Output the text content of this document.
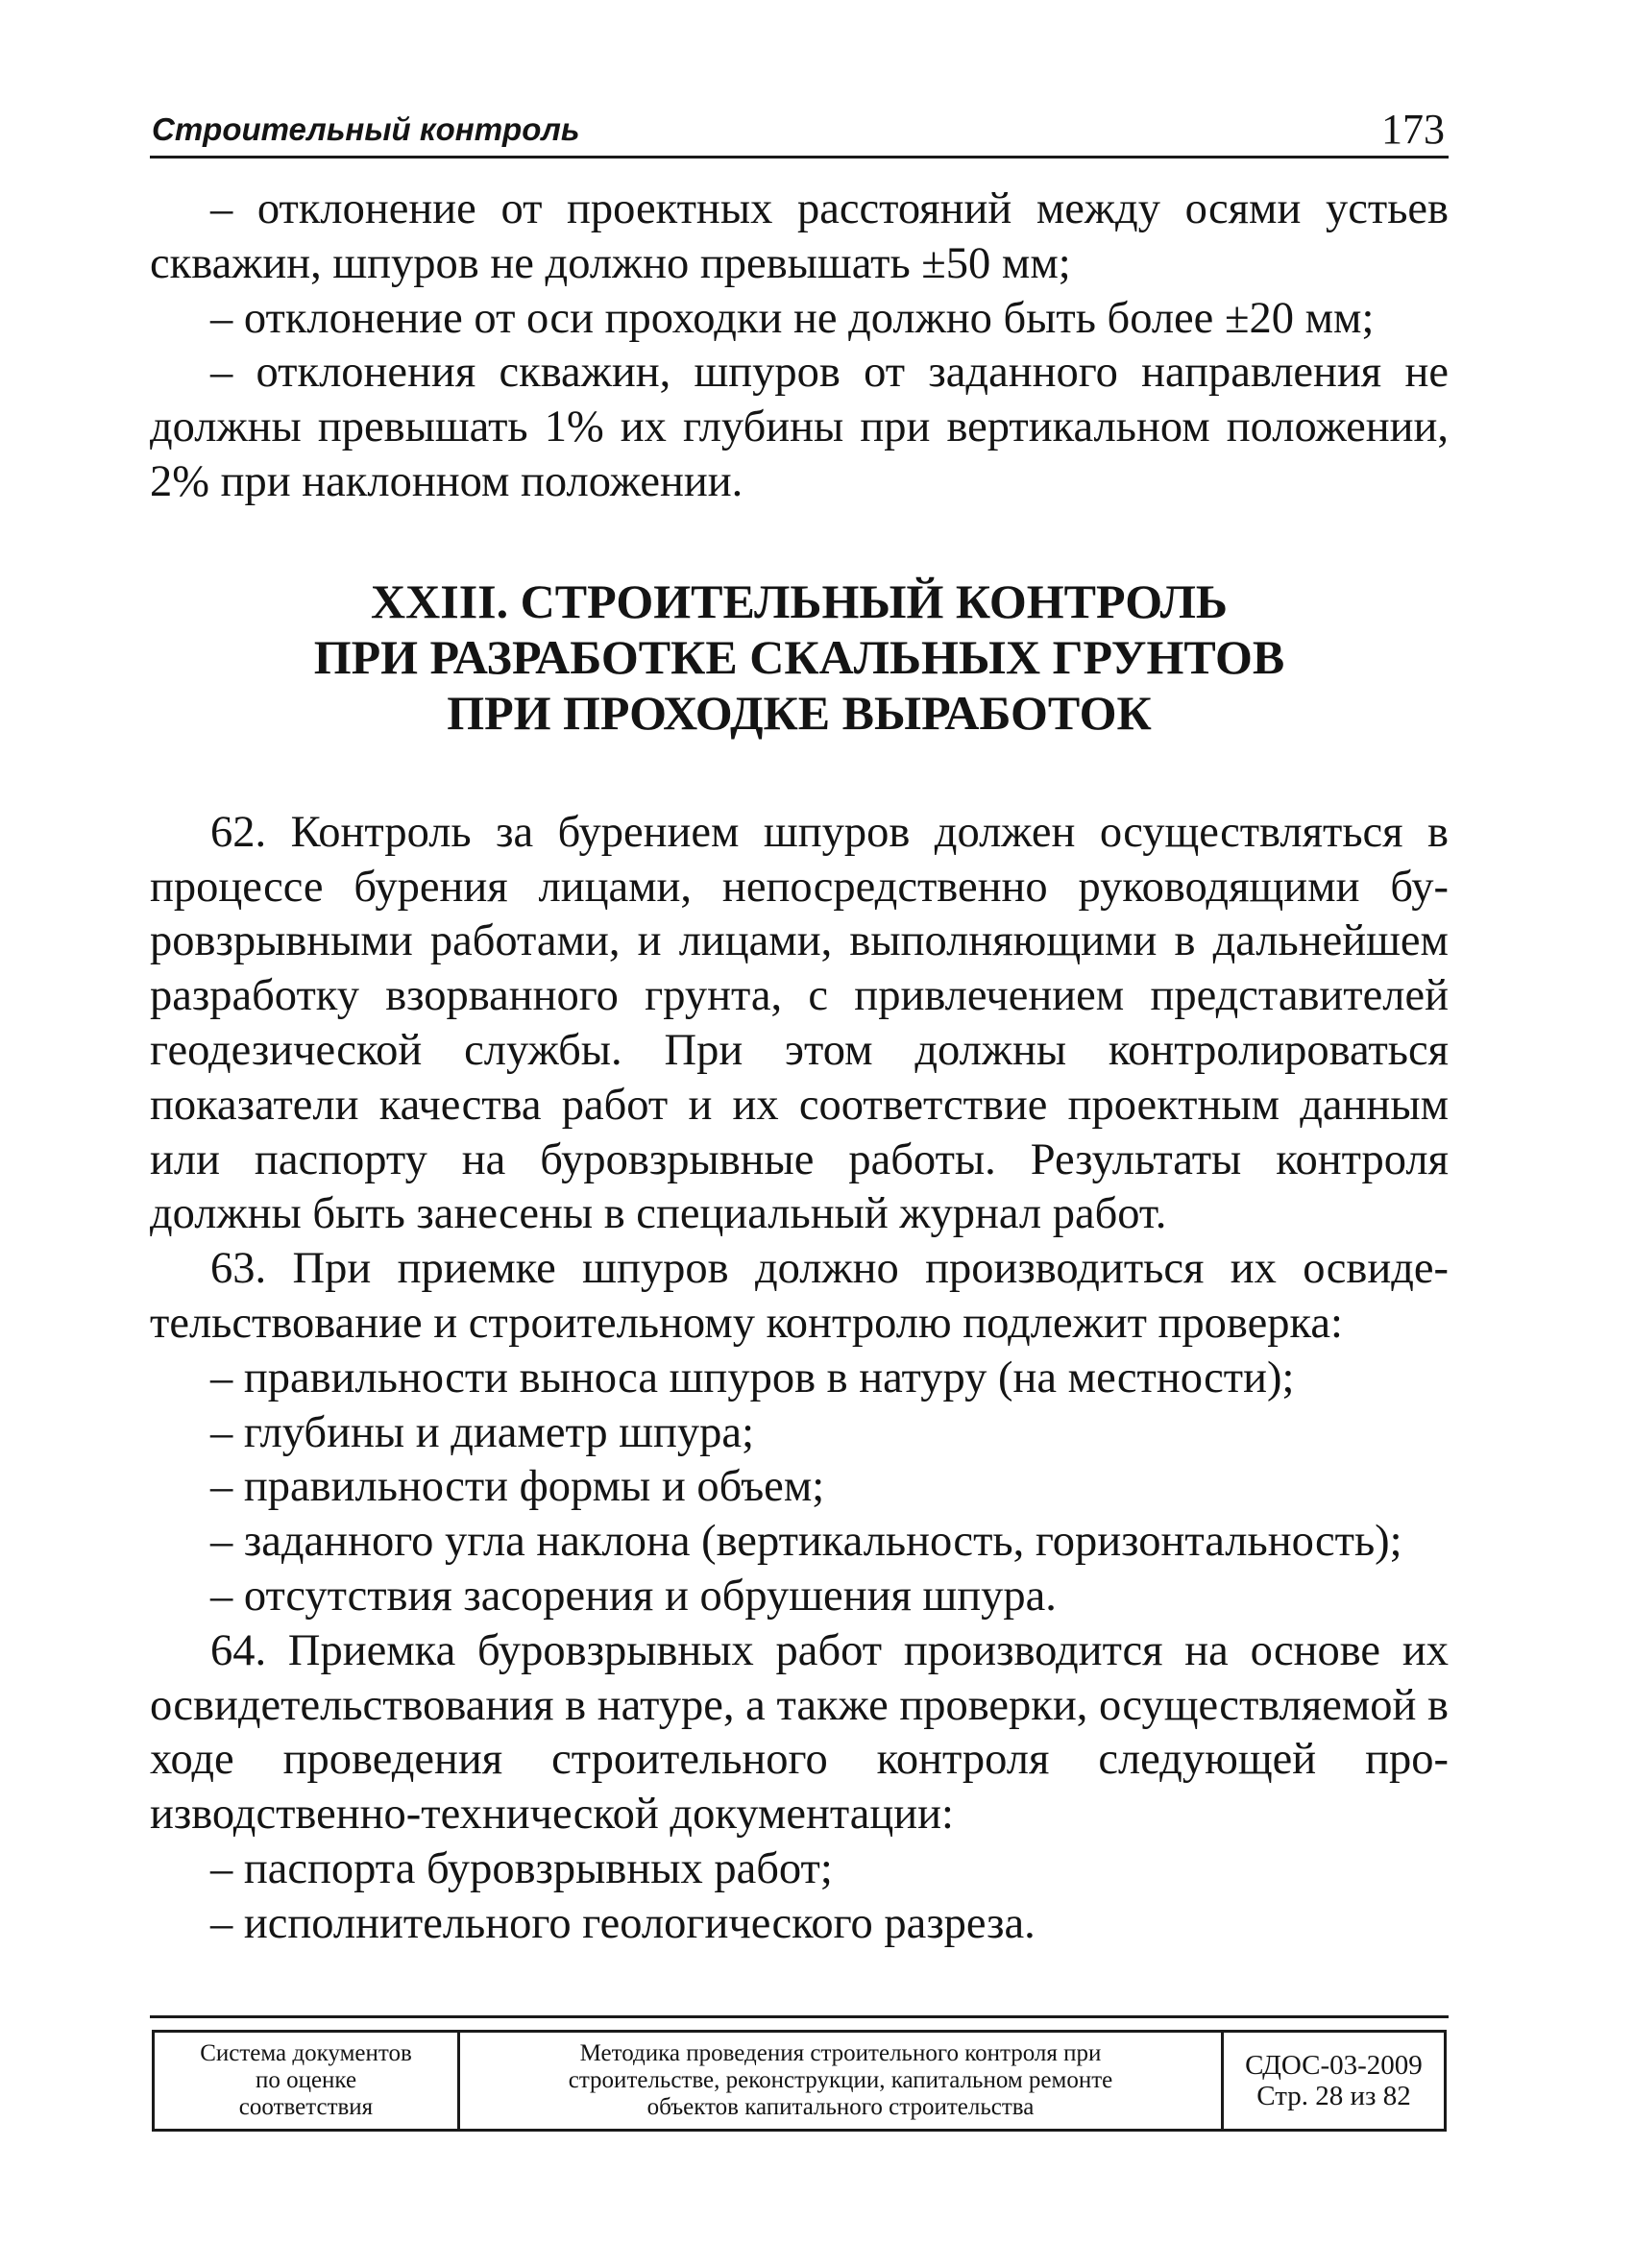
Строительный контроль	173

– отклонение от проектных расстояний между осями устьев скважин, шпуров не должно превышать ±50 мм;

– отклонение от оси проходки не должно быть более ±20 мм;

– отклонения скважин, шпуров от заданного направления не должны превышать 1% их глубины при вертикальном положении, 2% при наклонном положении.

XXIII. СТРОИТЕЛЬНЫЙ КОНТРОЛЬ
ПРИ РАЗРАБОТКЕ СКАЛЬНЫХ ГРУНТОВ
ПРИ ПРОХОДКЕ ВЫРАБОТОК

62. Контроль за бурением шпуров должен осуществляться в процессе бурения лицами, непосредственно руководящими буровзрывными работами, и лицами, выполняющими в дальнейшем разработку взорванного грунта, с привлечением представителей геодезической службы. При этом должны контролироваться показатели качества работ и их соответствие проектным данным или паспорту на буровзрывные работы. Результаты контроля должны быть занесены в специальный журнал работ.

63. При приемке шпуров должно производиться их освидетельствование и строительному контролю подлежит проверка:

– правильности выноса шпуров в натуру (на местности);

– глубины и диаметр шпура;

– правильности формы и объем;

– заданного угла наклона (вертикальность, горизонтальность);

– отсутствия засорения и обрушения шпура.

64. Приемка буровзрывных работ производится на основе их освидетельствования в натуре, а также проверки, осуществляемой в ходе проведения строительного контроля следующей производственно-технической документации:

– паспорта буровзрывных работ;

– исполнительного геологического разреза.

Система документов
по оценке
соответствия
Методика проведения строительного контроля при
строительстве, реконструкции, капитальном ремонте
объектов капитального строительства
СДОС-03-2009
Стр. 28 из 82
